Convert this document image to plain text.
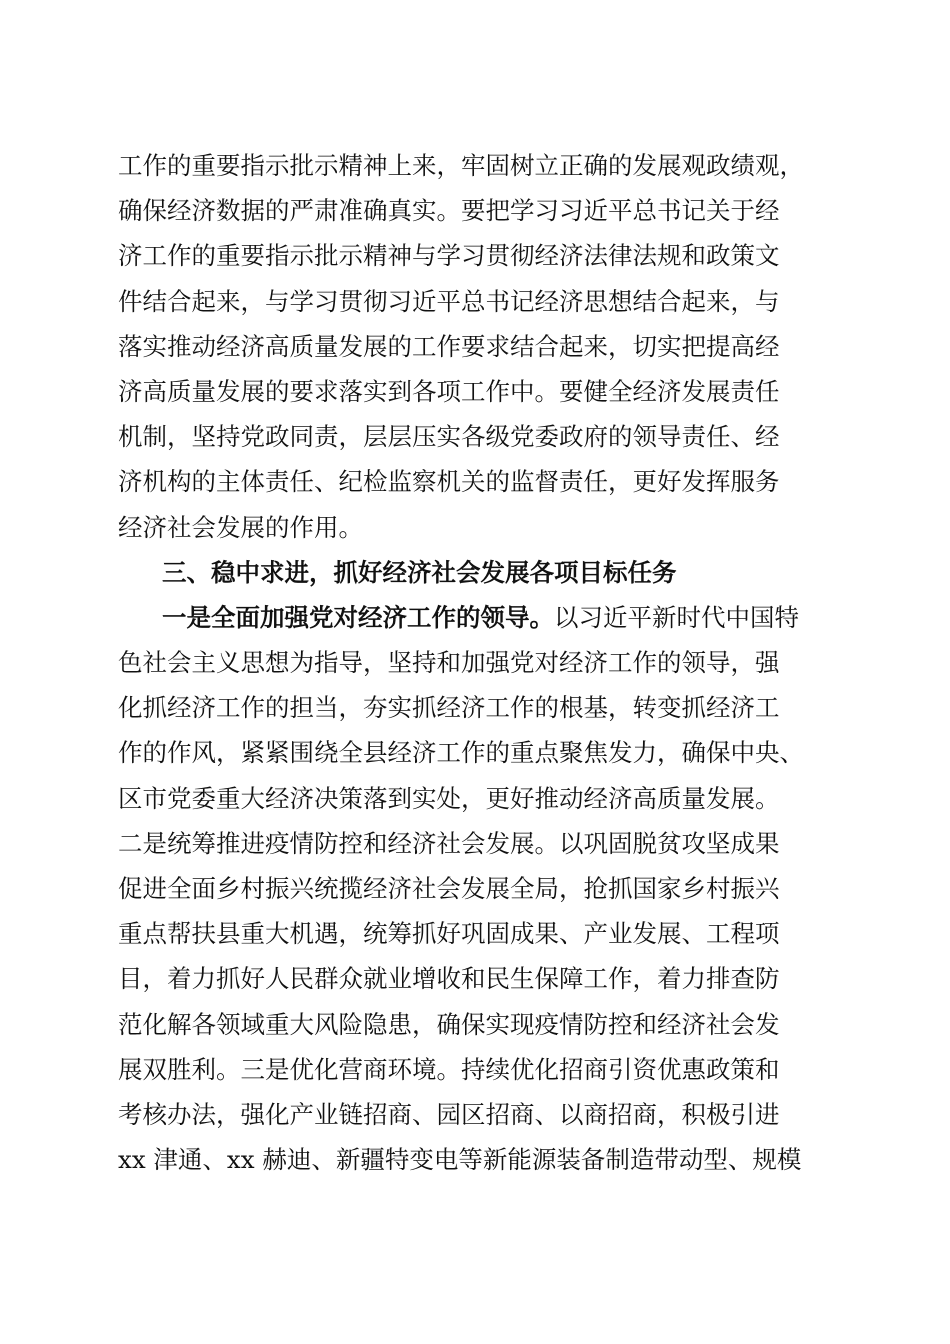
工作的重要指示批示精神上来，牢固树立正确的发展观政绩观，
确保经济数据的严肃准确真实。要把学习习近平总书记关于经
济工作的重要指示批示精神与学习贯彻经济法律法规和政策文
件结合起来，与学习贯彻习近平总书记经济思想结合起来，与
落实推动经济高质量发展的工作要求结合起来，切实把提高经
济高质量发展的要求落实到各项工作中。要健全经济发展责任
机制，坚持党政同责，层层压实各级党委政府的领导责任、经
济机构的主体责任、纪检监察机关的监督责任，更好发挥服务
经济社会发展的作用。
三、稳中求进，抓好经济社会发展各项目标任务
一是全面加强党对经济工作的领导。以习近平新时代中国特
色社会主义思想为指导，坚持和加强党对经济工作的领导，强
化抓经济工作的担当，夯实抓经济工作的根基，转变抓经济工
作的作风，紧紧围绕全县经济工作的重点聚焦发力，确保中央、
区市党委重大经济决策落到实处，更好推动经济高质量发展。
二是统筹推进疫情防控和经济社会发展。以巩固脱贫攻坚成果
促进全面乡村振兴统揽经济社会发展全局，抢抓国家乡村振兴
重点帮扶县重大机遇，统筹抓好巩固成果、产业发展、工程项
目，着力抓好人民群众就业增收和民生保障工作，着力排查防
范化解各领域重大风险隐患，确保实现疫情防控和经济社会发
展双胜利。三是优化营商环境。持续优化招商引资优惠政策和
考核办法，强化产业链招商、园区招商、以商招商，积极引进
xx 津通、xx 赫迪、新疆特变电等新能源装备制造带动型、规模
